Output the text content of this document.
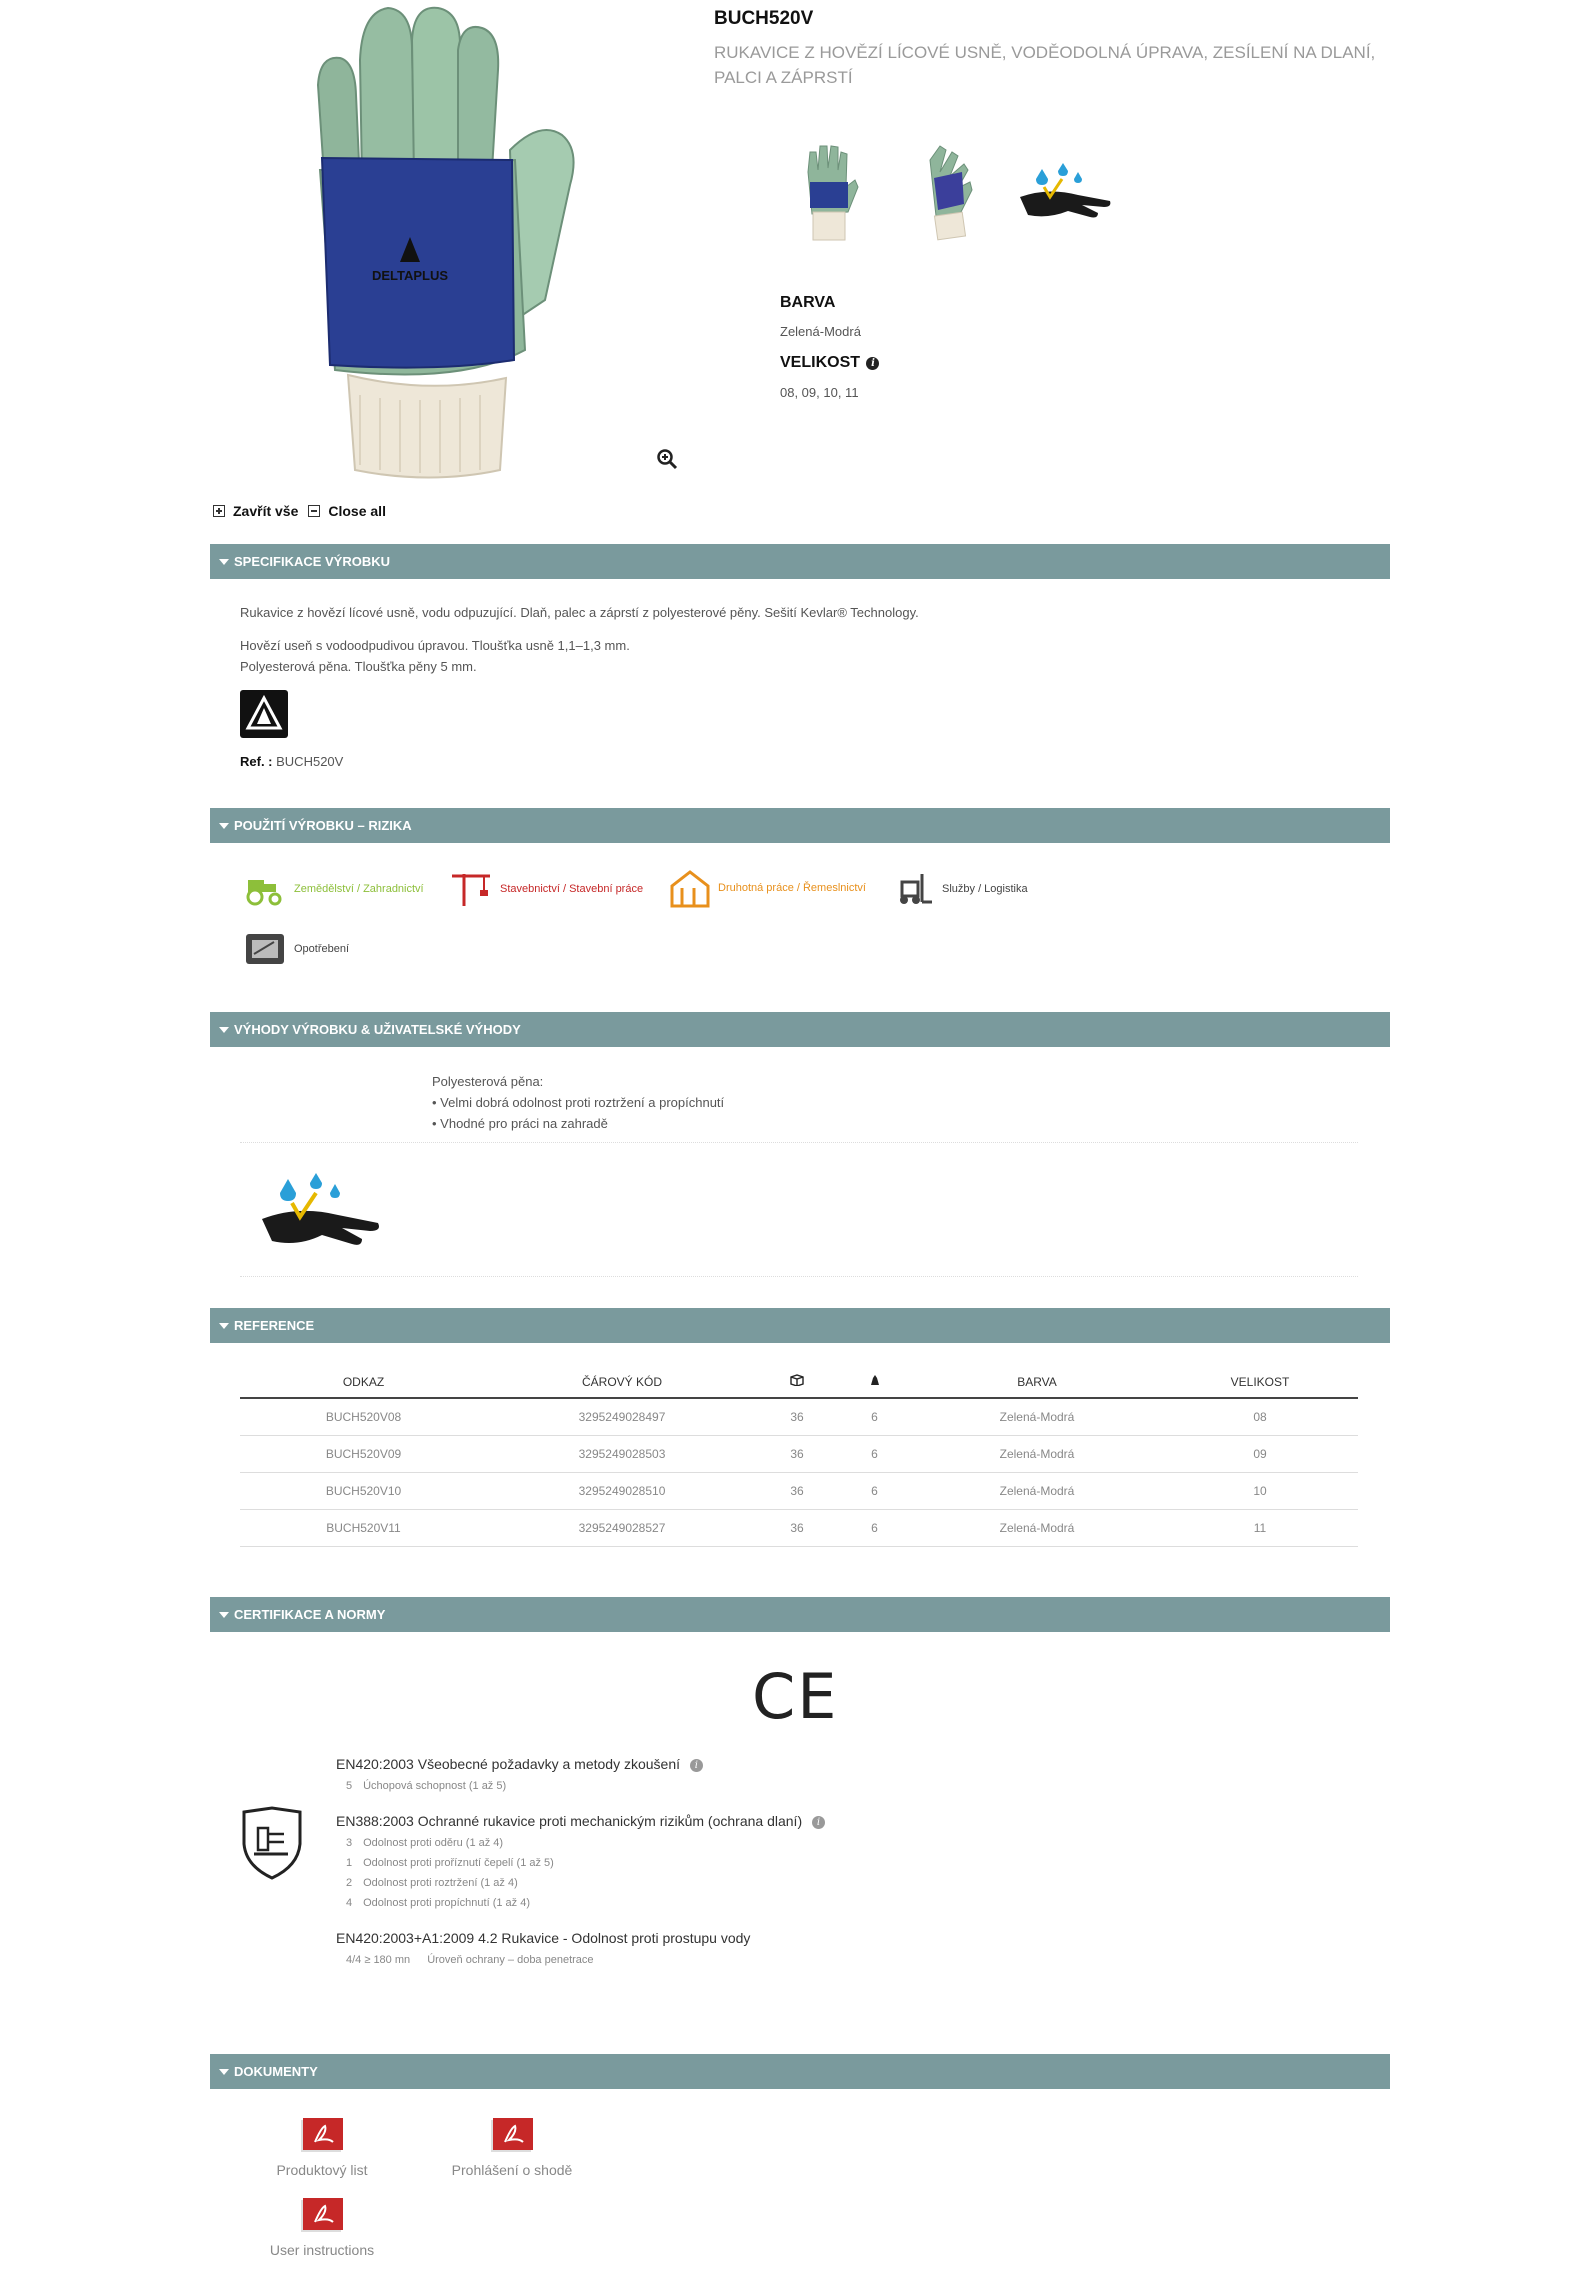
DELTAPLUS
BUCH520V
RUKAVICE Z HOVĚZÍ LÍCOVÉ USNĚ, VODĚODOLNÁ ÚPRAVA, ZESÍLENÍ NA DLANÍ, PALCI A ZÁPRSTÍ
BARVA
Zelená-Modrá
VELIKOST i
08, 09, 10, 11
Zavřít vše Close all
SPECIFIKACE VÝROBKU
Rukavice z hovězí lícové usně, vodu odpuzující. Dlaň, palec a záprstí z polyesterové pěny. Sešití Kevlar® Technology.
Hovězí useň s vodoodpudivou úpravou. Tloušťka usně 1,1–1,3 mm.
Polyesterová pěna. Tloušťka pěny 5 mm.
Ref. : BUCH520V
POUŽITÍ VÝROBKU – RIZIKA
Zemědělství / Zahradnictví	Stavebnictví / Stavební práce	Druhotná práce / Řemeslnictví	Služby / Logistika
Opotřebení
VÝHODY VÝROBKU & UŽIVATELSKÉ VÝHODY
Polyesterová pěna:
• Velmi dobrá odolnost proti roztržení a propíchnutí
• Vhodné pro práci na zahradě
REFERENCE
ODKAZ	ČÁROVÝ KÓD			BARVA	VELIKOST
BUCH520V08	3295249028497	36	6	Zelená-Modrá	08
BUCH520V09	3295249028503	36	6	Zelená-Modrá	09
BUCH520V10	3295249028510	36	6	Zelená-Modrá	10
BUCH520V11	3295249028527	36	6	Zelená-Modrá	11
CERTIFIKACE A NORMY
CE
EN420:2003 Všeobecné požadavky a metody zkoušení i
5 Úchopová schopnost (1 až 5)
EN388:2003 Ochranné rukavice proti mechanickým rizikům (ochrana dlaní) i
3 Odolnost proti oděru (1 až 4)
1 Odolnost proti proříznutí čepelí (1 až 5)
2 Odolnost proti roztržení (1 až 4)
4 Odolnost proti propíchnutí (1 až 4)
EN420:2003+A1:2009 4.2 Rukavice - Odolnost proti prostupu vody
4/4 ≥ 180 mn Úroveň ochrany – doba penetrace
DOKUMENTY
Produktový list	Prohlášení o shodě
User instructions
